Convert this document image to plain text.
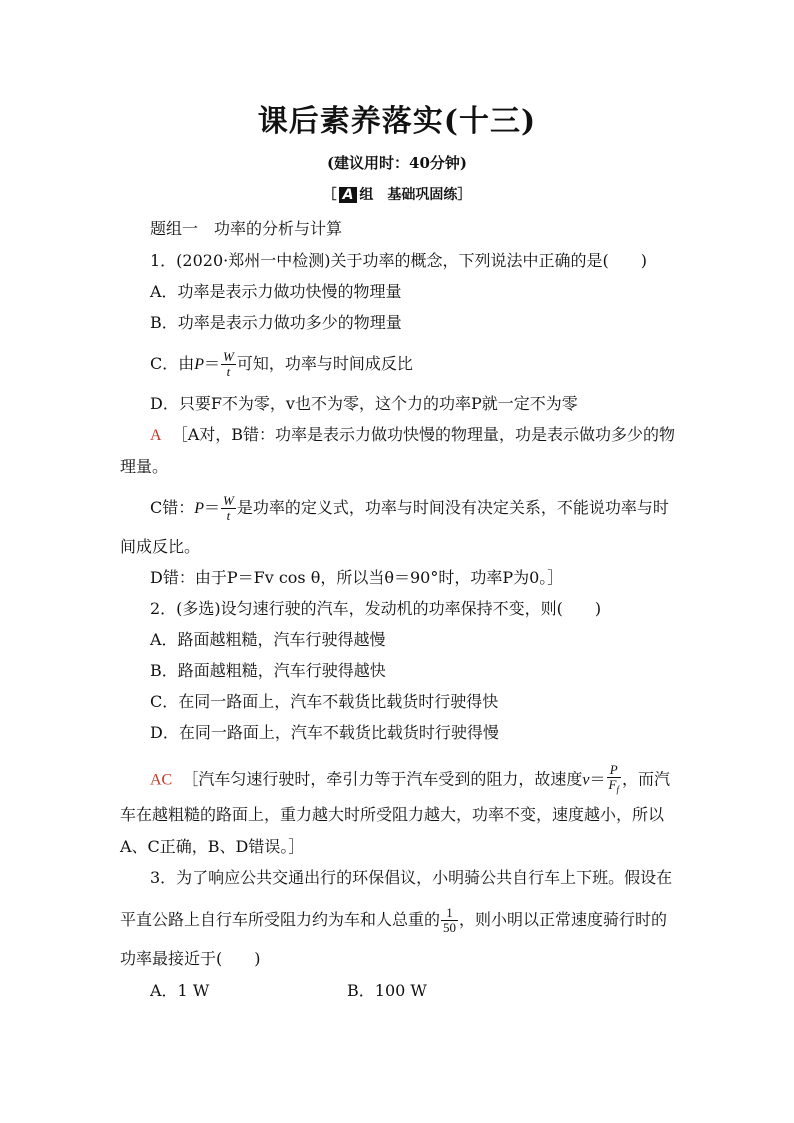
课后素养落实(十三)
(建议用时：40分钟)
［ A 组　基础巩固练］
题组一　功率的分析与计算
1．(2020·郑州一中检测)关于功率的概念，下列说法中正确的是(　　)
A．功率是表示力做功快慢的物理量
B．功率是表示力做功多少的物理量
C．由$P= \frac{W}{t}$ 可知，功率与时间成反比
D．只要F不为零，v也不为零，这个力的功率P就一定不为零
A ［A对，B错：功率是表示力做功快慢的物理量，功是表示做功多少的物
理量。
C错：$P= \frac{W}{t}$ 是功率的定义式，功率与时间没有决定关系，不能说功率与时
间成反比。
D错：由于P＝Fv cos θ，所以当θ＝90°时，功率P为0。］
2．(多选)设匀速行驶的汽车，发动机的功率保持不变，则(　　)
A．路面越粗糙，汽车行驶得越慢
B．路面越粗糙，汽车行驶得越快
C．在同一路面上，汽车不载货比载货时行驶得快
D．在同一路面上，汽车不载货比载货时行驶得慢
AC ［汽车匀速行驶时，牵引力等于汽车受到的阻力，故速度$v= \frac{P}{F_f}$ ，而汽
车在越粗糙的路面上，重力越大时所受阻力越大，功率不变，速度越小，所以
A、C正确，B、D错误。］
3．为了响应公共交通出行的环保倡议，小明骑公共自行车上下班。假设在
平直公路上自行车所受阻力约为车和人总重的 $\frac{1}{50}$ ，则小明以正常速度骑行时的
功率最接近于(　　)
A．1 W	B．100 W
